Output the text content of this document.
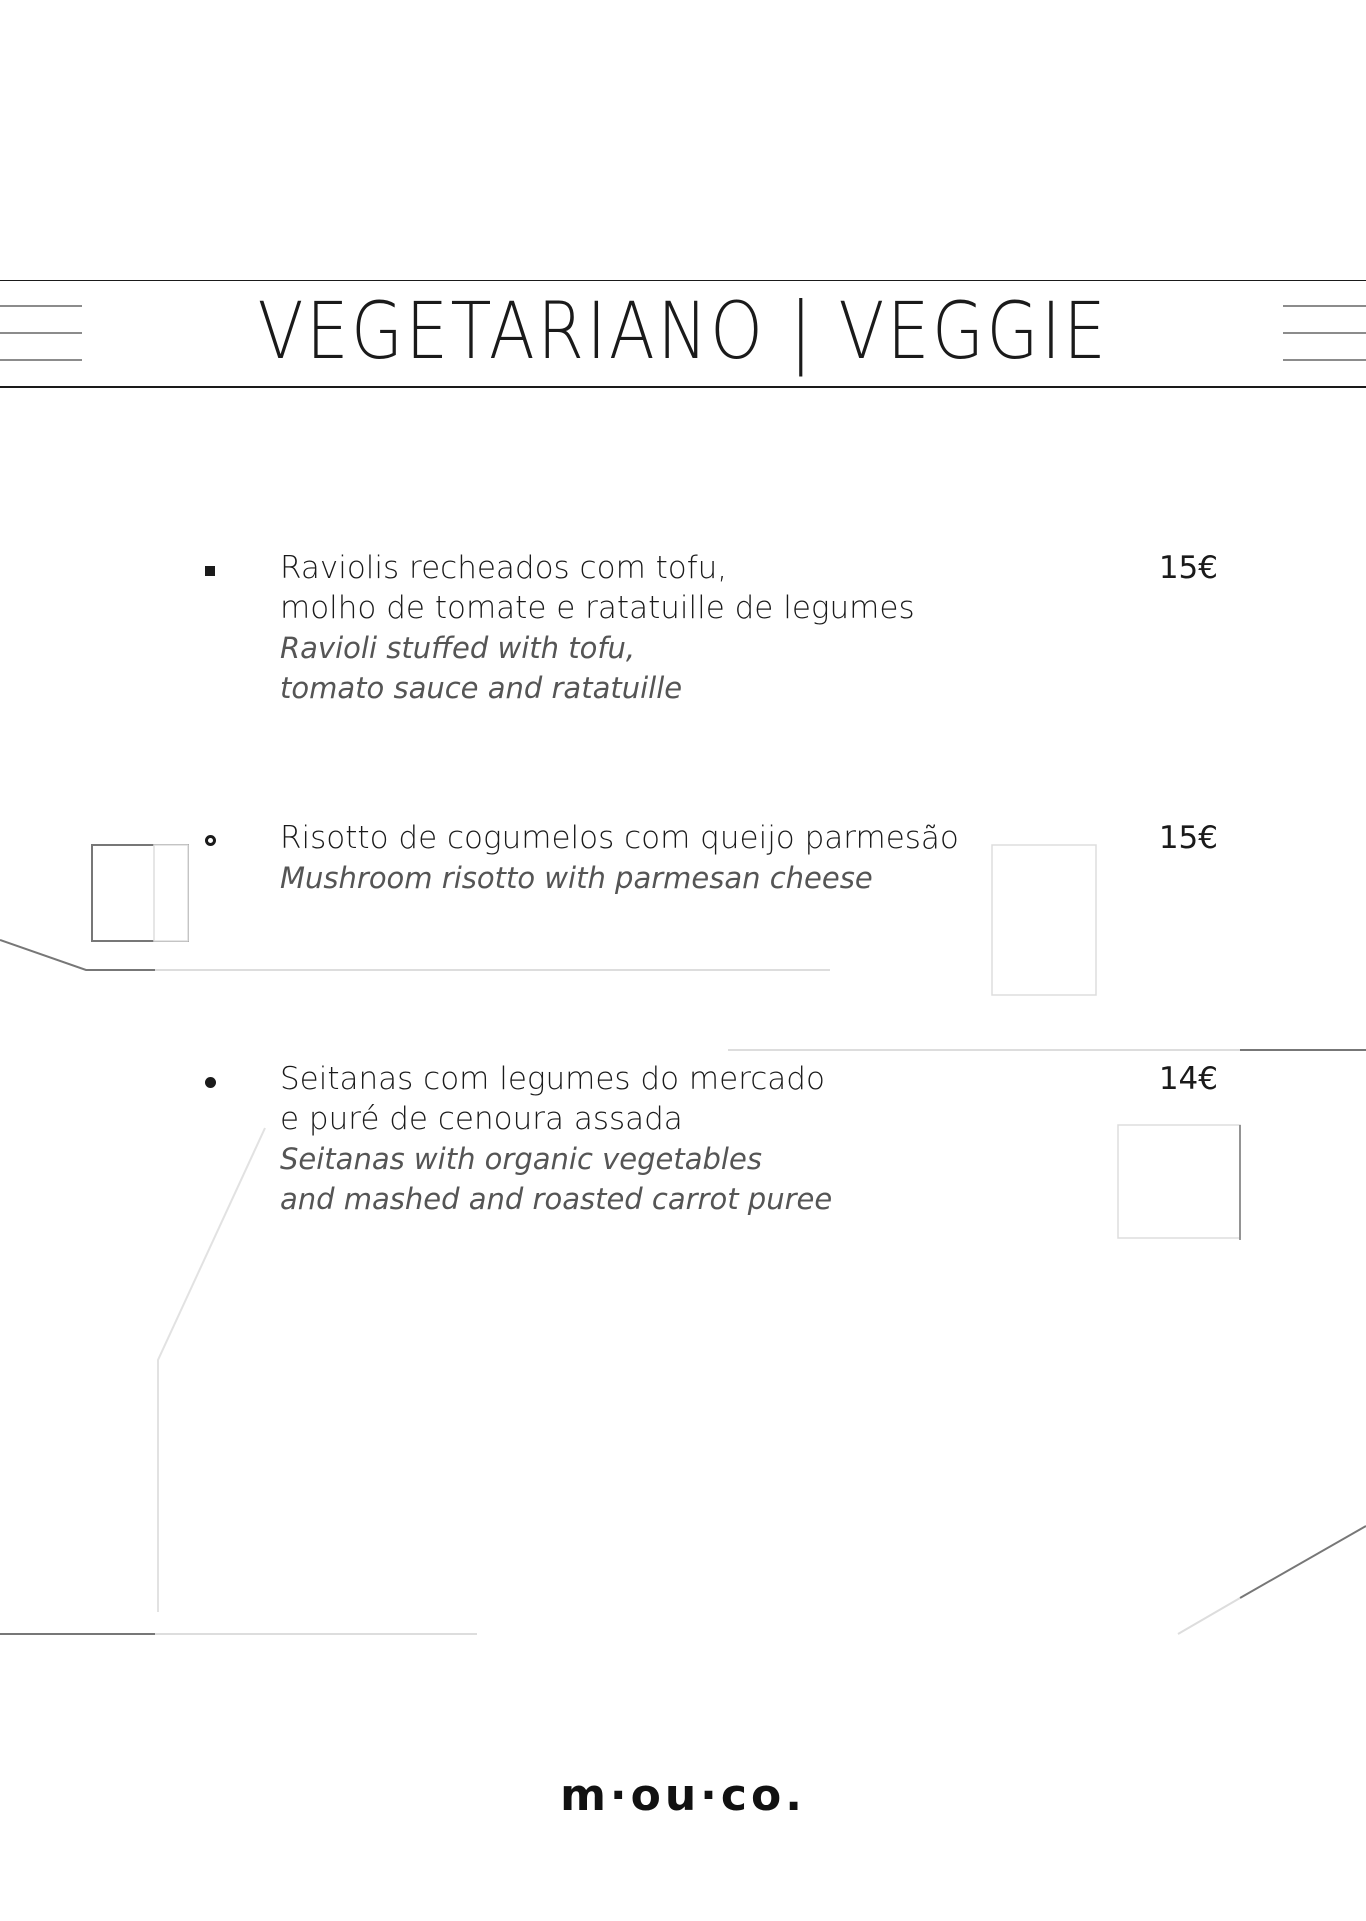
VEGETARIANO | VEGGIE
Raviolis recheados com tofu,
molho de tomate e ratatuille de legumes
Ravioli stuffed with tofu,
tomato sauce and ratatuille
15€
Risotto de cogumelos com queijo parmesão
Mushroom risotto with parmesan cheese
15€
Seitanas com legumes do mercado
e puré de cenoura assada
Seitanas with organic vegetables
and mashed and roasted carrot puree
14€
m·ou·co.
